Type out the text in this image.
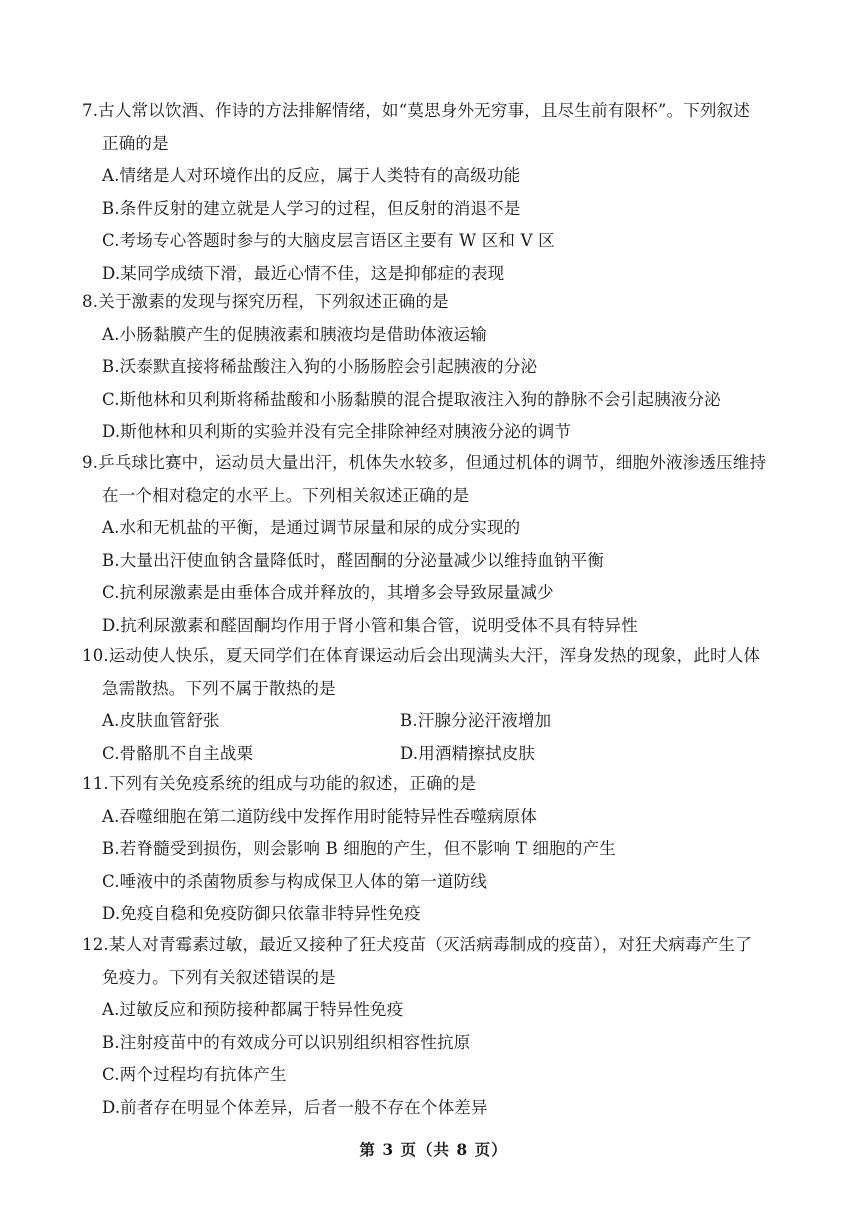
7.古人常以饮酒、作诗的方法排解情绪，如“莫思身外无穷事，且尽生前有限杯”。下列叙述
正确的是
A.情绪是人对环境作出的反应，属于人类特有的高级功能
B.条件反射的建立就是人学习的过程，但反射的消退不是
C.考场专心答题时参与的大脑皮层言语区主要有 W 区和 V 区
D.某同学成绩下滑，最近心情不佳，这是抑郁症的表现
8.关于激素的发现与探究历程，下列叙述正确的是
A.小肠黏膜产生的促胰液素和胰液均是借助体液运输
B.沃泰默直接将稀盐酸注入狗的小肠肠腔会引起胰液的分泌
C.斯他林和贝利斯将稀盐酸和小肠黏膜的混合提取液注入狗的静脉不会引起胰液分泌
D.斯他林和贝利斯的实验并没有完全排除神经对胰液分泌的调节
9.乒乓球比赛中，运动员大量出汗，机体失水较多，但通过机体的调节，细胞外液渗透压维持
在一个相对稳定的水平上。下列相关叙述正确的是
A.水和无机盐的平衡，是通过调节尿量和尿的成分实现的
B.大量出汗使血钠含量降低时，醛固酮的分泌量减少以维持血钠平衡
C.抗利尿激素是由垂体合成并释放的，其增多会导致尿量减少
D.抗利尿激素和醛固酮均作用于肾小管和集合管，说明受体不具有特异性
10.运动使人快乐，夏天同学们在体育课运动后会出现满头大汗，浑身发热的现象，此时人体
急需散热。下列不属于散热的是
A.皮肤血管舒张	B.汗腺分泌汗液增加
C.骨骼肌不自主战栗	D.用酒精擦拭皮肤
11.下列有关免疫系统的组成与功能的叙述，正确的是
A.吞噬细胞在第二道防线中发挥作用时能特异性吞噬病原体
B.若脊髓受到损伤，则会影响 B 细胞的产生，但不影响 T 细胞的产生
C.唾液中的杀菌物质参与构成保卫人体的第一道防线
D.免疫自稳和免疫防御只依靠非特异性免疫
12.某人对青霉素过敏，最近又接种了狂犬疫苗（灭活病毒制成的疫苗），对狂犬病毒产生了
免疫力。下列有关叙述错误的是
A.过敏反应和预防接种都属于特异性免疫
B.注射疫苗中的有效成分可以识别组织相容性抗原
C.两个过程均有抗体产生
D.前者存在明显个体差异，后者一般不存在个体差异
第 3 页（共 8 页）
